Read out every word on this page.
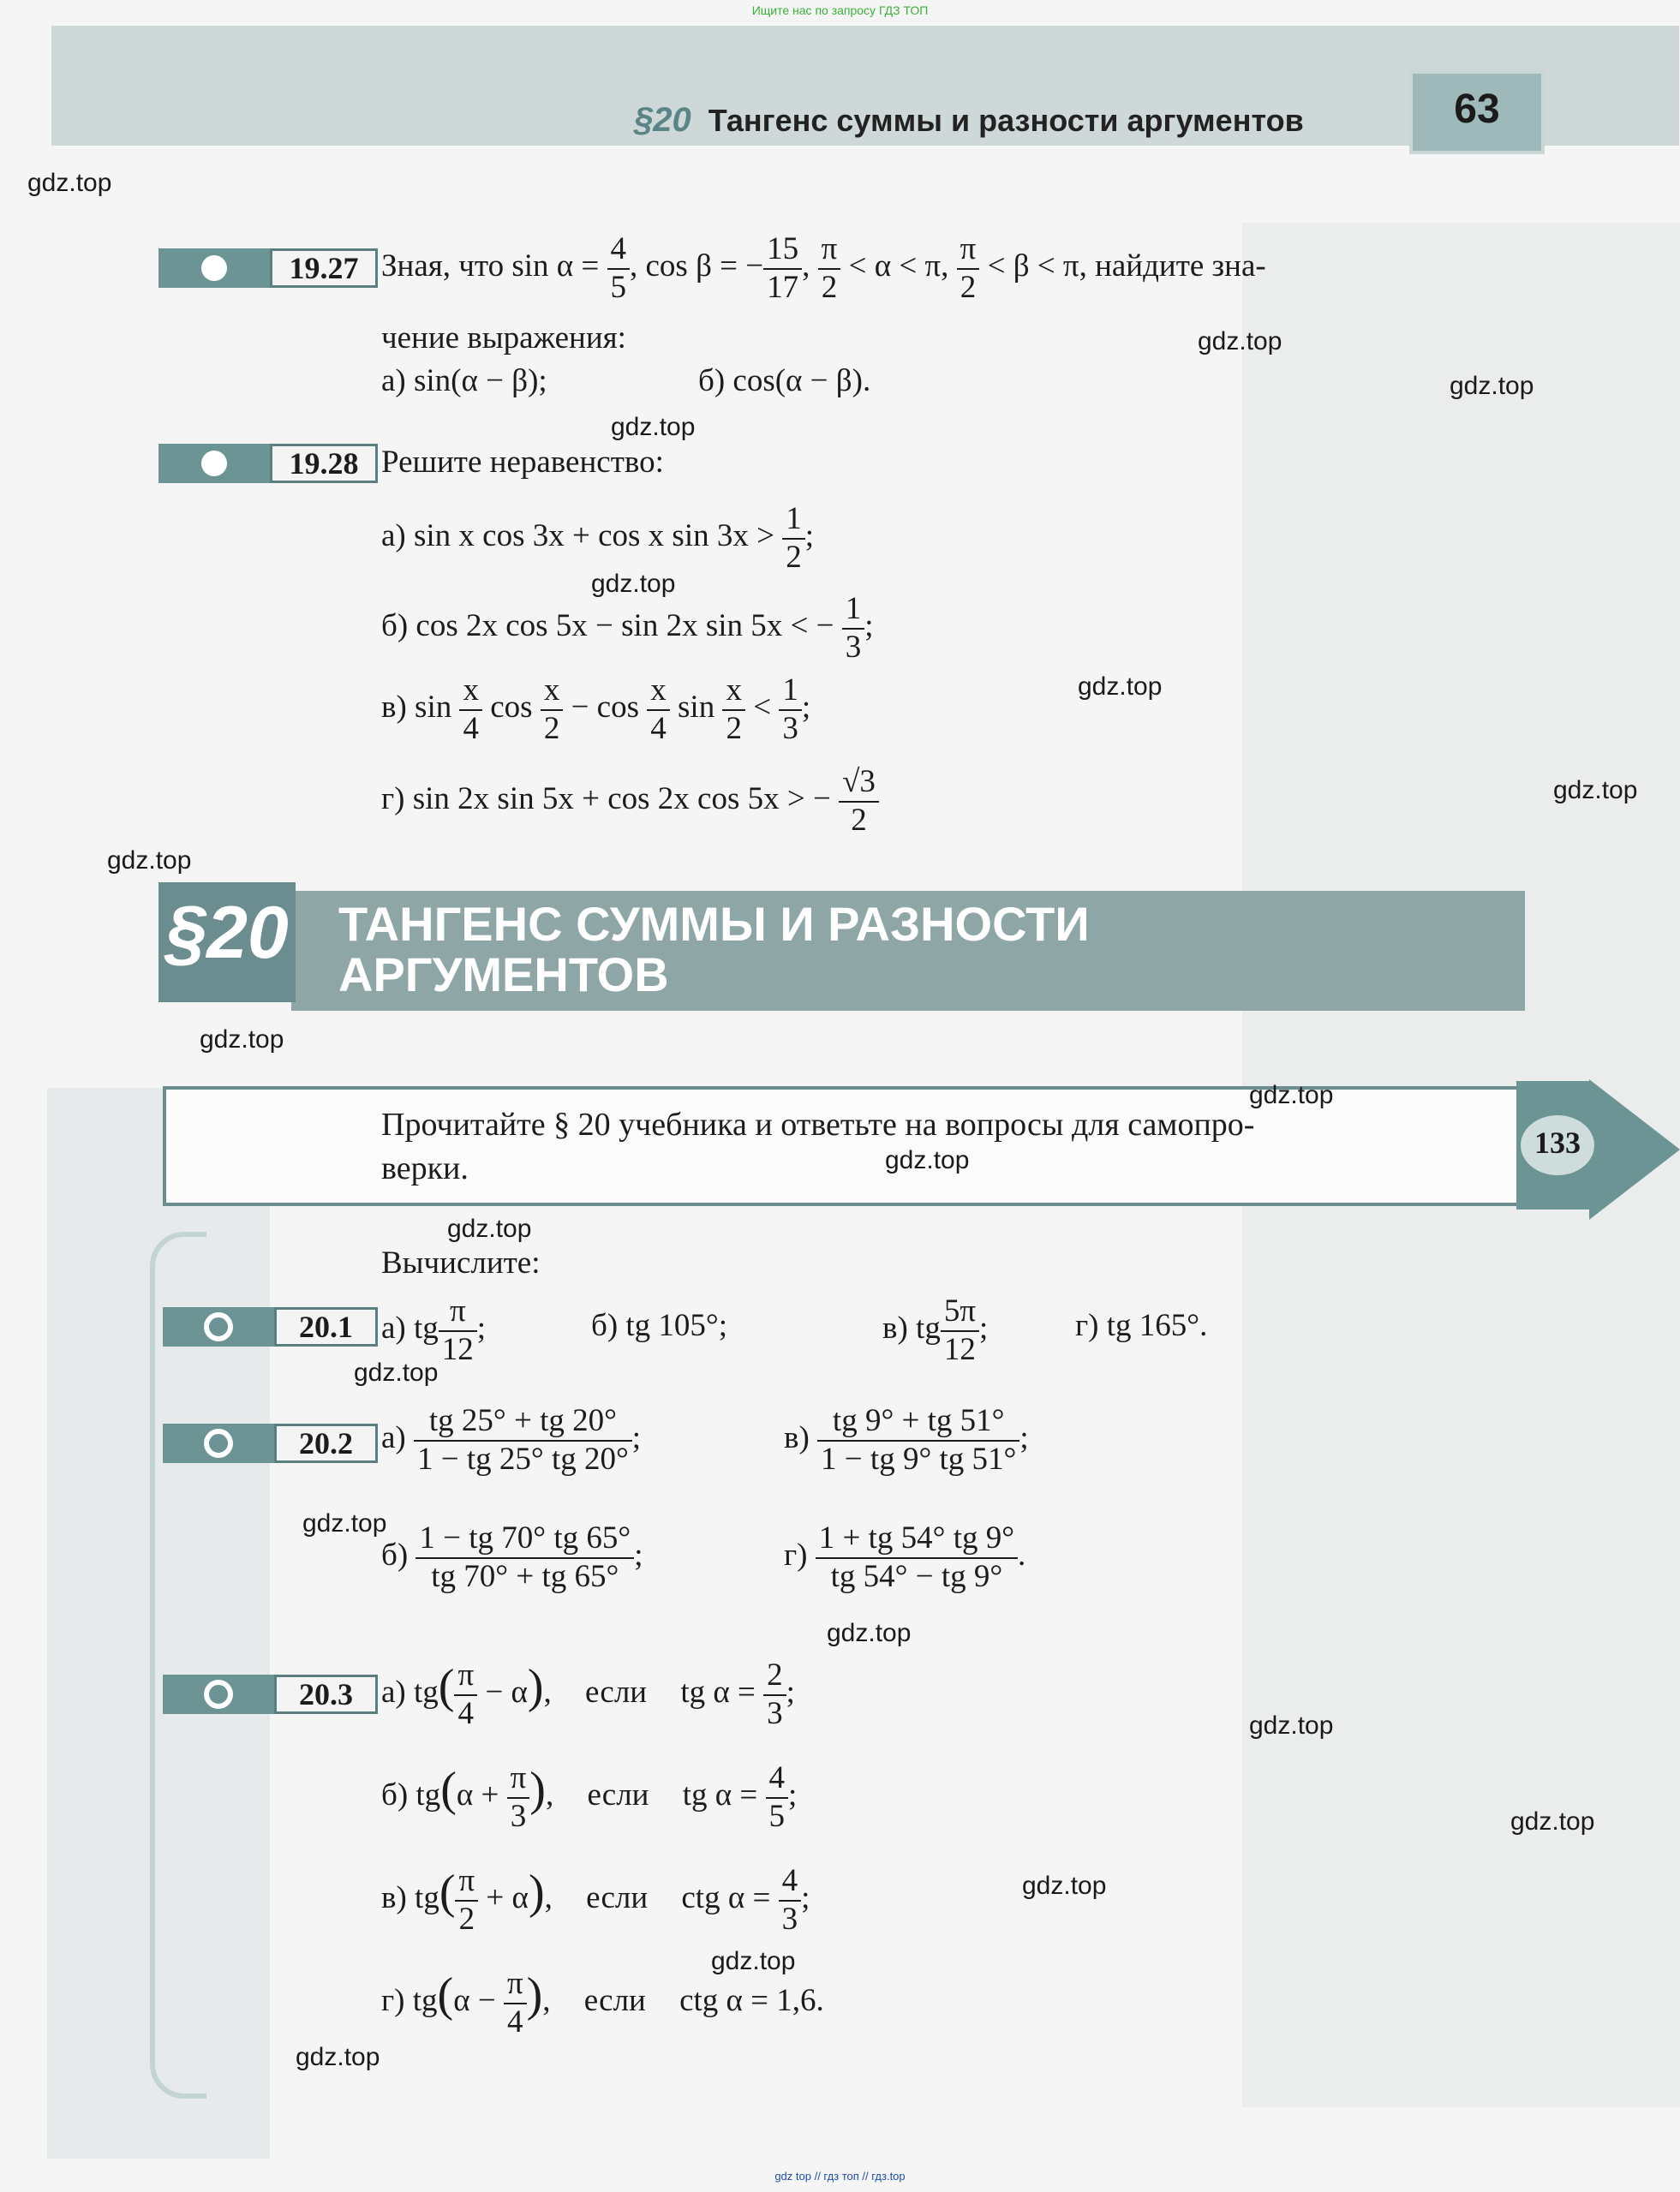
Ищите нас по запросу ГДЗ ТОП
§20 Тангенс суммы и разности аргументов	63
19.27 Зная, что $\sin \alpha = \frac{4}{5}$ , cos β = − $\frac{15}{17}$ , $\frac{\pi}{2} < \alpha < \pi$, $\frac{\pi}{2} < \beta < \pi$, найдите зна-
чение выражения:
а) sin(α − β);	б) cos(α − β).
19.28 Решите неравенство:
а) sin x cos 3x + cos x $\sin 3x > \frac{1}{2}$ ;
б) cos 2x cos 5x − sin 2x sin 5x < − $\frac{1}{3}$ ;
в) $\sin \frac{x}{4}$ $\cos \frac{x}{2} - \cos \frac{x}{4}$ $\sin \frac{x}{2} < \frac{1}{3}$ ;
г) sin 2x sin 5x + cos 2x cos 5x > − $\frac{√3}{2}$
§20 ТАНГЕНС СУММЫ И РАЗНОСТИ
АРГУМЕНТОВ
Прочитайте § 20 учебника и ответьте на вопросы для самопро-
верки.
133
Вычислите:
20.1 а) tg $\frac{\pi}{12}$ ;	б) tg 105°;	в) tg $\frac{5\pi}{12}$ ;	г) tg 165°.
20.2 $а) \frac{tg 25^\circ + tg 20^\circ}{1 - tg 25^\circ tg 20^\circ}$ ;	$в) \frac{tg 9^\circ + tg 51^\circ}{1 - tg 9^\circ tg 51^\circ}$ ;
$б) \frac{1 - tg 70^\circ tg 65^\circ}{tg 70^\circ + tg 65^\circ}$ ;	$г) \frac{1 + tg 54^\circ tg 9^\circ}{tg 54^\circ - tg 9^\circ}$ .
20.3 а) $tg( \frac{\pi}{4} - \alpha)$, если tg $\alpha = \frac{2}{3}$ ;
б) $tg(\alpha + \frac{\pi}{3}$ ), если tg $\alpha = \frac{4}{5}$ ;
в) $tg( \frac{\pi}{2} + \alpha)$, если ctg $\alpha = \frac{4}{3}$ ;
г) $tg(\alpha - \frac{\pi}{4}$ ), если ctg α = 1,6.
gdz.top
gdz.top
gdz.top
gdz.top
gdz.top
gdz.top
gdz.top
gdz.top
gdz.top
gdz.top
gdz.top
gdz.top
gdz.top
gdz.top
gdz.top
gdz.top
gdz.top
gdz.top
gdz.top
gdz.top
gdz top // гдз топ // гдз.top
